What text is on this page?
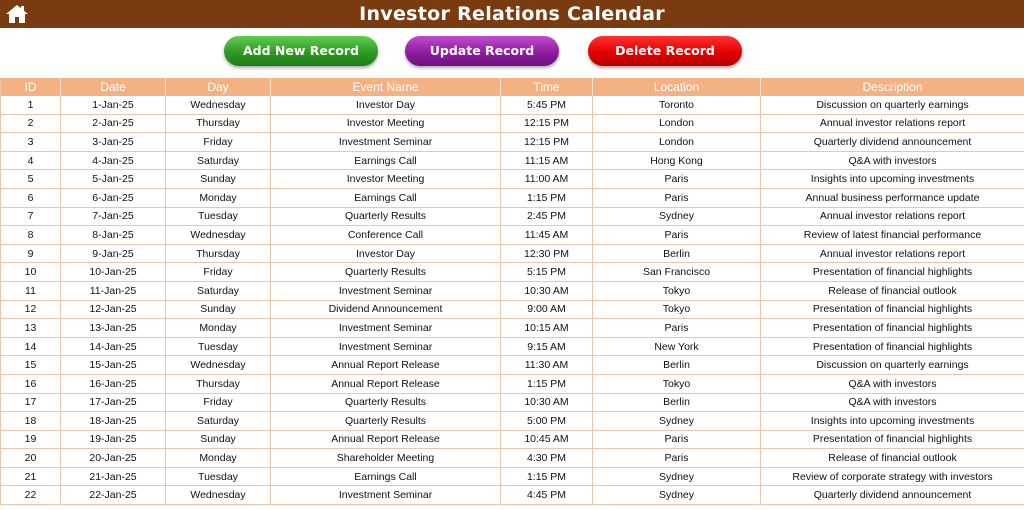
Investor Relations Calendar
Add New Record	Update Record	Delete Record
ID	Date	Day	Event Name	Time	Location	Description
1	1-Jan-25	Wednesday	Investor Day	5:45 PM	Toronto	Discussion on quarterly earnings
2	2-Jan-25	Thursday	Investor Meeting	12:15 PM	London	Annual investor relations report
3	3-Jan-25	Friday	Investment Seminar	12:15 PM	London	Quarterly dividend announcement
4	4-Jan-25	Saturday	Earnings Call	11:15 AM	Hong Kong	Q&A with investors
5	5-Jan-25	Sunday	Investor Meeting	11:00 AM	Paris	Insights into upcoming investments
6	6-Jan-25	Monday	Earnings Call	1:15 PM	Paris	Annual business performance update
7	7-Jan-25	Tuesday	Quarterly Results	2:45 PM	Sydney	Annual investor relations report
8	8-Jan-25	Wednesday	Conference Call	11:45 AM	Paris	Review of latest financial performance
9	9-Jan-25	Thursday	Investor Day	12:30 PM	Berlin	Annual investor relations report
10	10-Jan-25	Friday	Quarterly Results	5:15 PM	San Francisco	Presentation of financial highlights
11	11-Jan-25	Saturday	Investment Seminar	10:30 AM	Tokyo	Release of financial outlook
12	12-Jan-25	Sunday	Dividend Announcement	9:00 AM	Tokyo	Presentation of financial highlights
13	13-Jan-25	Monday	Investment Seminar	10:15 AM	Paris	Presentation of financial highlights
14	14-Jan-25	Tuesday	Investment Seminar	9:15 AM	New York	Presentation of financial highlights
15	15-Jan-25	Wednesday	Annual Report Release	11:30 AM	Berlin	Discussion on quarterly earnings
16	16-Jan-25	Thursday	Annual Report Release	1:15 PM	Tokyo	Q&A with investors
17	17-Jan-25	Friday	Quarterly Results	10:30 AM	Berlin	Q&A with investors
18	18-Jan-25	Saturday	Quarterly Results	5:00 PM	Sydney	Insights into upcoming investments
19	19-Jan-25	Sunday	Annual Report Release	10:45 AM	Paris	Presentation of financial highlights
20	20-Jan-25	Monday	Shareholder Meeting	4:30 PM	Paris	Release of financial outlook
21	21-Jan-25	Tuesday	Earnings Call	1:15 PM	Sydney	Review of corporate strategy with investors
22	22-Jan-25	Wednesday	Investment Seminar	4:45 PM	Sydney	Quarterly dividend announcement
